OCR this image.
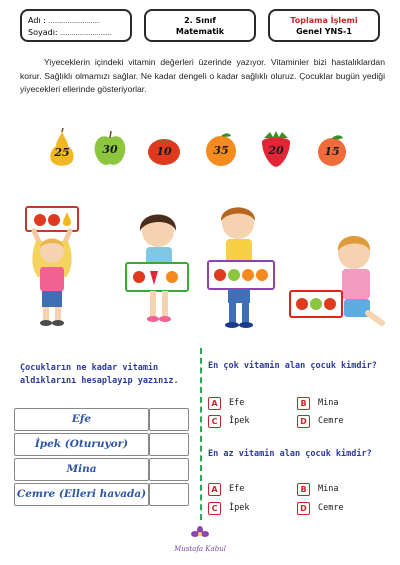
Adı : ...........................
Soyadı: ...........................
2. Sınıf
Matematik
Toplama İşlemi
Genel YNS-1
Yiyeceklerin içindeki vitamin değerleri üzerinde yazıyor. Vitaminler bizi hastalıklardan korur. Sağlıklı olmamızı sağlar. Ne kadar dengeli o kadar sağlıklı oluruz. Çocuklar bugün yediği yiyecekleri ellerinde gösteriyorlar.
25	30	10	35	20	15
Çocukların ne kadar vitamin aldıklarını hesaplayıp yazınız.
Efe
İpek (Oturuyor)
Mina
Cemre (Elleri havada)
En çok vitamin alan çocuk kimdir?
A	Efe	B	Mina
C	İpek	D	Cemre
En az vitamin alan çocuk kimdir?
A	Efe	B	Mina
C	İpek	D	Cemre
Mustafa Kabul
